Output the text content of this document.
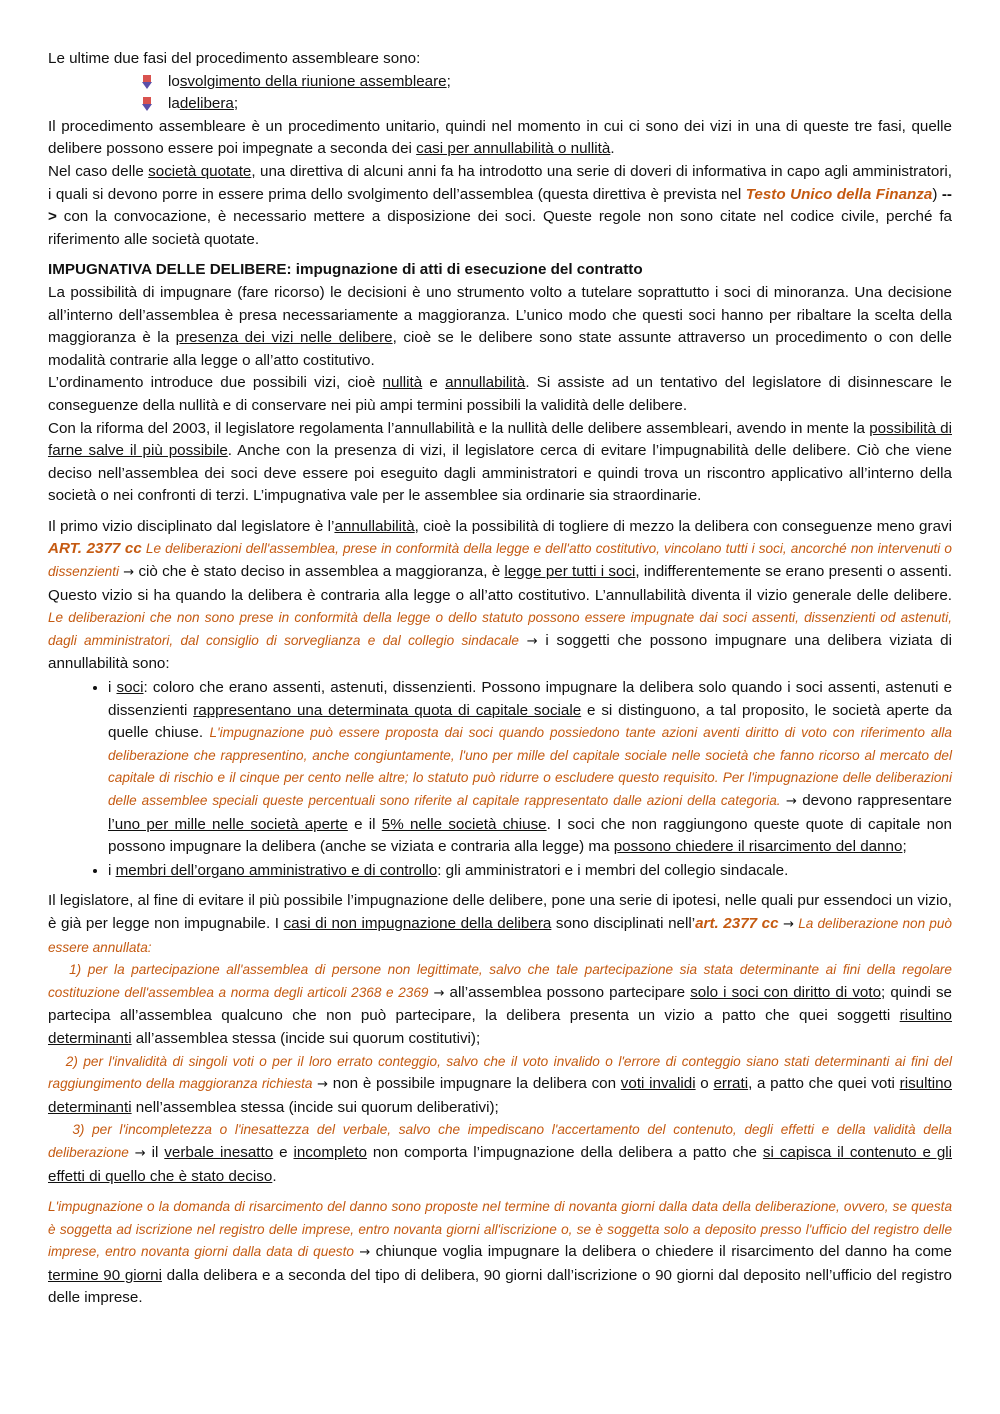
Le ultime due fasi del procedimento assembleare sono:

lo svolgimento della riunione assembleare ;
la delibera ;

Il procedimento assembleare è un procedimento unitario, quindi nel momento in cui ci sono dei vizi in una di queste tre fasi, quelle delibere possono essere poi impegnate a seconda dei casi per annullabilità o nullità.

Nel caso delle società quotate, una direttiva di alcuni anni fa ha introdotto una serie di doveri di informativa in capo agli amministratori, i quali si devono porre in essere prima dello svolgimento dell’assemblea (questa direttiva è prevista nel Testo Unico della Finanza) --> con la convocazione, è necessario mettere a disposizione dei soci. Queste regole non sono citate nel codice civile, perché fa riferimento alle società quotate.

IMPUGNATIVA DELLE DELIBERE: impugnazione di atti di esecuzione del contratto

La possibilità di impugnare (fare ricorso) le decisioni è uno strumento volto a tutelare soprattutto i soci di minoranza. Una decisione all’interno dell’assemblea è presa necessariamente a maggioranza. L’unico modo che questi soci hanno per ribaltare la scelta della maggioranza è la presenza dei vizi nelle delibere, cioè se le delibere sono state assunte attraverso un procedimento o con delle modalità contrarie alla legge o all’atto costitutivo.

L’ordinamento introduce due possibili vizi, cioè nullità e annullabilità. Si assiste ad un tentativo del legislatore di disinnescare le conseguenze della nullità e di conservare nei più ampi termini possibili la validità delle delibere.

Con la riforma del 2003, il legislatore regolamenta l’annullabilità e la nullità delle delibere assembleari, avendo in mente la possibilità di farne salve il più possibile. Anche con la presenza di vizi, il legislatore cerca di evitare l’impugnabilità delle delibere. Ciò che viene deciso nell’assemblea dei soci deve essere poi eseguito dagli amministratori e quindi trova un riscontro applicativo all’interno della società o nei confronti di terzi. L’impugnativa vale per le assemblee sia ordinarie sia straordinarie.

Il primo vizio disciplinato dal legislatore è l’annullabilità, cioè la possibilità di togliere di mezzo la delibera con conseguenze meno gravi ART. 2377 cc Le deliberazioni dell'assemblea, prese in conformità della legge e dell'atto costitutivo, vincolano tutti i soci, ancorché non intervenuti o dissenzienti → ciò che è stato deciso in assemblea a maggioranza, è legge per tutti i soci, indifferentemente se erano presenti o assenti. Questo vizio si ha quando la delibera è contraria alla legge o all’atto costitutivo. L’annullabilità diventa il vizio generale delle delibere. Le deliberazioni che non sono prese in conformità della legge o dello statuto possono essere impugnate dai soci assenti, dissenzienti od astenuti, dagli amministratori, dal consiglio di sorveglianza e dal collegio sindacale → i soggetti che possono impugnare una delibera viziata di annullabilità sono:

• i soci: coloro che erano assenti, astenuti, dissenzienti. Possono impugnare la delibera solo quando i soci assenti, astenuti e dissenzienti rappresentano una determinata quota di capitale sociale e si distinguono, a tal proposito, le società aperte da quelle chiuse. L'impugnazione può essere proposta dai soci quando possiedono tante azioni aventi diritto di voto con riferimento alla deliberazione che rappresentino, anche congiuntamente, l'uno per mille del capitale sociale nelle società che fanno ricorso al mercato del capitale di rischio e il cinque per cento nelle altre; lo statuto può ridurre o escludere questo requisito. Per l'impugnazione delle deliberazioni delle assemblee speciali queste percentuali sono riferite al capitale rappresentato dalle azioni della categoria. → devono rappresentare l’uno per mille nelle società aperte e il 5% nelle società chiuse. I soci che non raggiungono queste quote di capitale non possono impugnare la delibera (anche se viziata e contraria alla legge) ma possono chiedere il risarcimento del danno;
• i membri dell’organo amministrativo e di controllo: gli amministratori e i membri del collegio sindacale.

Il legislatore, al fine di evitare il più possibile l’impugnazione delle delibere, pone una serie di ipotesi, nelle quali pur essendoci un vizio, è già per legge non impugnabile. I casi di non impugnazione della delibera sono disciplinati nell’art. 2377 cc → La deliberazione non può essere annullata:

1) per la partecipazione all'assemblea di persone non legittimate, salvo che tale partecipazione sia stata determinante ai fini della regolare costituzione dell'assemblea a norma degli articoli 2368 e 2369 → all’assemblea possono partecipare solo i soci con diritto di voto; quindi se partecipa all’assemblea qualcuno che non può partecipare, la delibera presenta un vizio a patto che quei soggetti risultino determinanti all’assemblea stessa (incide sui quorum costitutivi);

2) per l'invalidità di singoli voti o per il loro errato conteggio, salvo che il voto invalido o l'errore di conteggio siano stati determinanti ai fini del raggiungimento della maggioranza richiesta → non è possibile impugnare la delibera con voti invalidi o errati, a patto che quei voti risultino determinanti nell’assemblea stessa (incide sui quorum deliberativi);

3) per l'incompletezza o l'inesattezza del verbale, salvo che impediscano l'accertamento del contenuto, degli effetti e della validità della deliberazione → il verbale inesatto e incompleto non comporta l’impugnazione della delibera a patto che si capisca il contenuto e gli effetti di quello che è stato deciso.

L'impugnazione o la domanda di risarcimento del danno sono proposte nel termine di novanta giorni dalla data della deliberazione, ovvero, se questa è soggetta ad iscrizione nel registro delle imprese, entro novanta giorni all'iscrizione o, se è soggetta solo a deposito presso l'ufficio del registro delle imprese, entro novanta giorni dalla data di questo → chiunque voglia impugnare la delibera o chiedere il risarcimento del danno ha come termine 90 giorni dalla delibera e a seconda del tipo di delibera, 90 giorni dall’iscrizione o 90 giorni dal deposito nell’ufficio del registro delle imprese.
